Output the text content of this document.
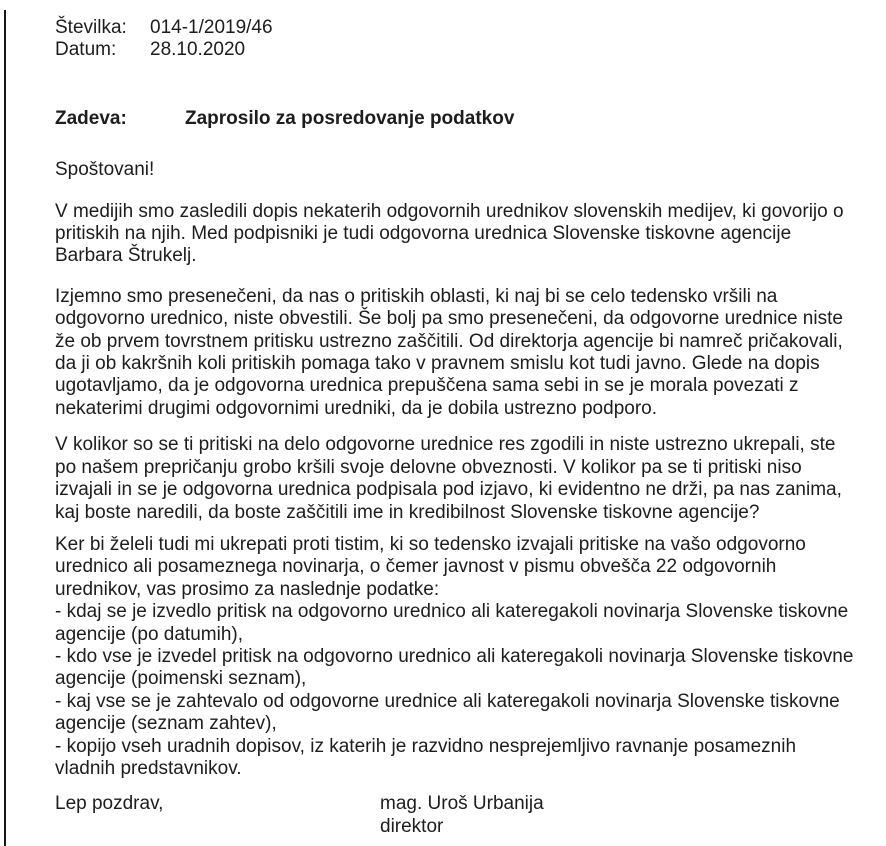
Številka: 014-1/2019/46
Datum: 28.10.2020
Zadeva:	Zaprosilo za posredovanje podatkov

Spoštovani!

V medijih smo zasledili dopis nekaterih odgovornih urednikov slovenskih medijev, ki govorijo o pritiskih na njih. Med podpisniki je tudi odgovorna urednica Slovenske tiskovne agencije Barbara Štrukelj.

Izjemno smo presenečeni, da nas o pritiskih oblasti, ki naj bi se celo tedensko vršili na odgovorno urednico, niste obvestili. Še bolj pa smo presenečeni, da odgovorne urednice niste že ob prvem tovrstnem pritisku ustrezno zaščitili. Od direktorja agencije bi namreč pričakovali, da ji ob kakršnih koli pritiskih pomaga tako v pravnem smislu kot tudi javno. Glede na dopis ugotavljamo, da je odgovorna urednica prepuščena sama sebi in se je morala povezati z nekaterimi drugimi odgovornimi uredniki, da je dobila ustrezno podporo.

V kolikor so se ti pritiski na delo odgovorne urednice res zgodili in niste ustrezno ukrepali, ste po našem prepričanju grobo kršili svoje delovne obveznosti. V kolikor pa se ti pritiski niso izvajali in se je odgovorna urednica podpisala pod izjavo, ki evidentno ne drži, pa nas zanima, kaj boste naredili, da boste zaščitili ime in kredibilnost Slovenske tiskovne agencije?

Ker bi želeli tudi mi ukrepati proti tistim, ki so tedensko izvajali pritiske na vašo odgovorno urednico ali posameznega novinarja, o čemer javnost v pismu obvešča 22 odgovornih urednikov, vas prosimo za naslednje podatke:

- kdaj se je izvedlo pritisk na odgovorno urednico ali kateregakoli novinarja Slovenske tiskovne agencije (po datumih),
- kdo vse je izvedel pritisk na odgovorno urednico ali kateregakoli novinarja Slovenske tiskovne agencije (poimenski seznam),
- kaj vse se je zahtevalo od odgovorne urednice ali kateregakoli novinarja Slovenske tiskovne agencije (seznam zahtev),
- kopijo vseh uradnih dopisov, iz katerih je razvidno nesprejemljivo ravnanje posameznih vladnih predstavnikov.
Lep pozdrav,	mag. Uroš Urbanija
direktor
